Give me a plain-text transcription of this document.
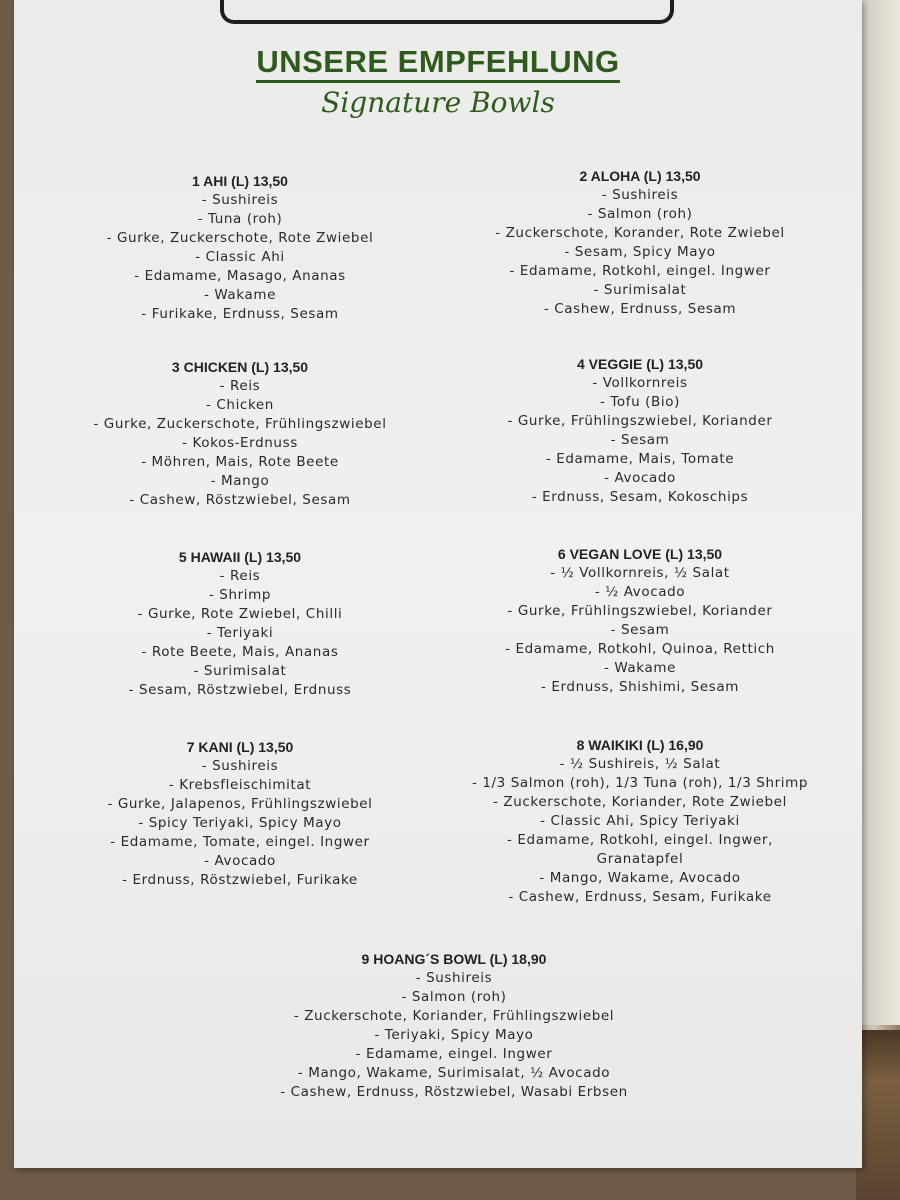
UNSERE EMPFEHLUNG
Signature Bowls
1 AHI (L) 13,50
- Sushireis
- Tuna (roh)
- Gurke, Zuckerschote, Rote Zwiebel
- Classic Ahi
- Edamame, Masago, Ananas
- Wakame
- Furikake, Erdnuss, Sesam
2 ALOHA (L) 13,50
- Sushireis
- Salmon (roh)
- Zuckerschote, Korander, Rote Zwiebel
- Sesam, Spicy Mayo
- Edamame, Rotkohl, eingel. Ingwer
- Surimisalat
- Cashew, Erdnuss, Sesam
3 CHICKEN (L) 13,50
- Reis
- Chicken
- Gurke, Zuckerschote, Frühlingszwiebel
- Kokos-Erdnuss
- Möhren, Mais, Rote Beete
- Mango
- Cashew, Röstzwiebel, Sesam
4 VEGGIE (L) 13,50
- Vollkornreis
- Tofu (Bio)
- Gurke, Frühlingszwiebel, Koriander
- Sesam
- Edamame, Mais, Tomate
- Avocado
- Erdnuss, Sesam, Kokoschips
5 HAWAII (L) 13,50
- Reis
- Shrimp
- Gurke, Rote Zwiebel, Chilli
- Teriyaki
- Rote Beete, Mais, Ananas
- Surimisalat
- Sesam, Röstzwiebel, Erdnuss
6 VEGAN LOVE (L) 13,50
- ½ Vollkornreis, ½ Salat
- ½ Avocado
- Gurke, Frühlingszwiebel, Koriander
- Sesam
- Edamame, Rotkohl, Quinoa, Rettich
- Wakame
- Erdnuss, Shishimi, Sesam
7 KANI (L) 13,50
- Sushireis
- Krebsfleischimitat
- Gurke, Jalapenos, Frühlingszwiebel
- Spicy Teriyaki, Spicy Mayo
- Edamame, Tomate, eingel. Ingwer
- Avocado
- Erdnuss, Röstzwiebel, Furikake
8 WAIKIKI (L) 16,90
- ½ Sushireis, ½ Salat
- 1/3 Salmon (roh), 1/3 Tuna (roh), 1/3 Shrimp
- Zuckerschote, Koriander, Rote Zwiebel
- Classic Ahi, Spicy Teriyaki
- Edamame, Rotkohl, eingel. Ingwer,
Granatapfel
- Mango, Wakame, Avocado
- Cashew, Erdnuss, Sesam, Furikake
9 HOANG´S BOWL (L) 18,90
- Sushireis
- Salmon (roh)
- Zuckerschote, Koriander, Frühlingszwiebel
- Teriyaki, Spicy Mayo
- Edamame, eingel. Ingwer
- Mango, Wakame, Surimisalat, ½ Avocado
- Cashew, Erdnuss, Röstzwiebel, Wasabi Erbsen
